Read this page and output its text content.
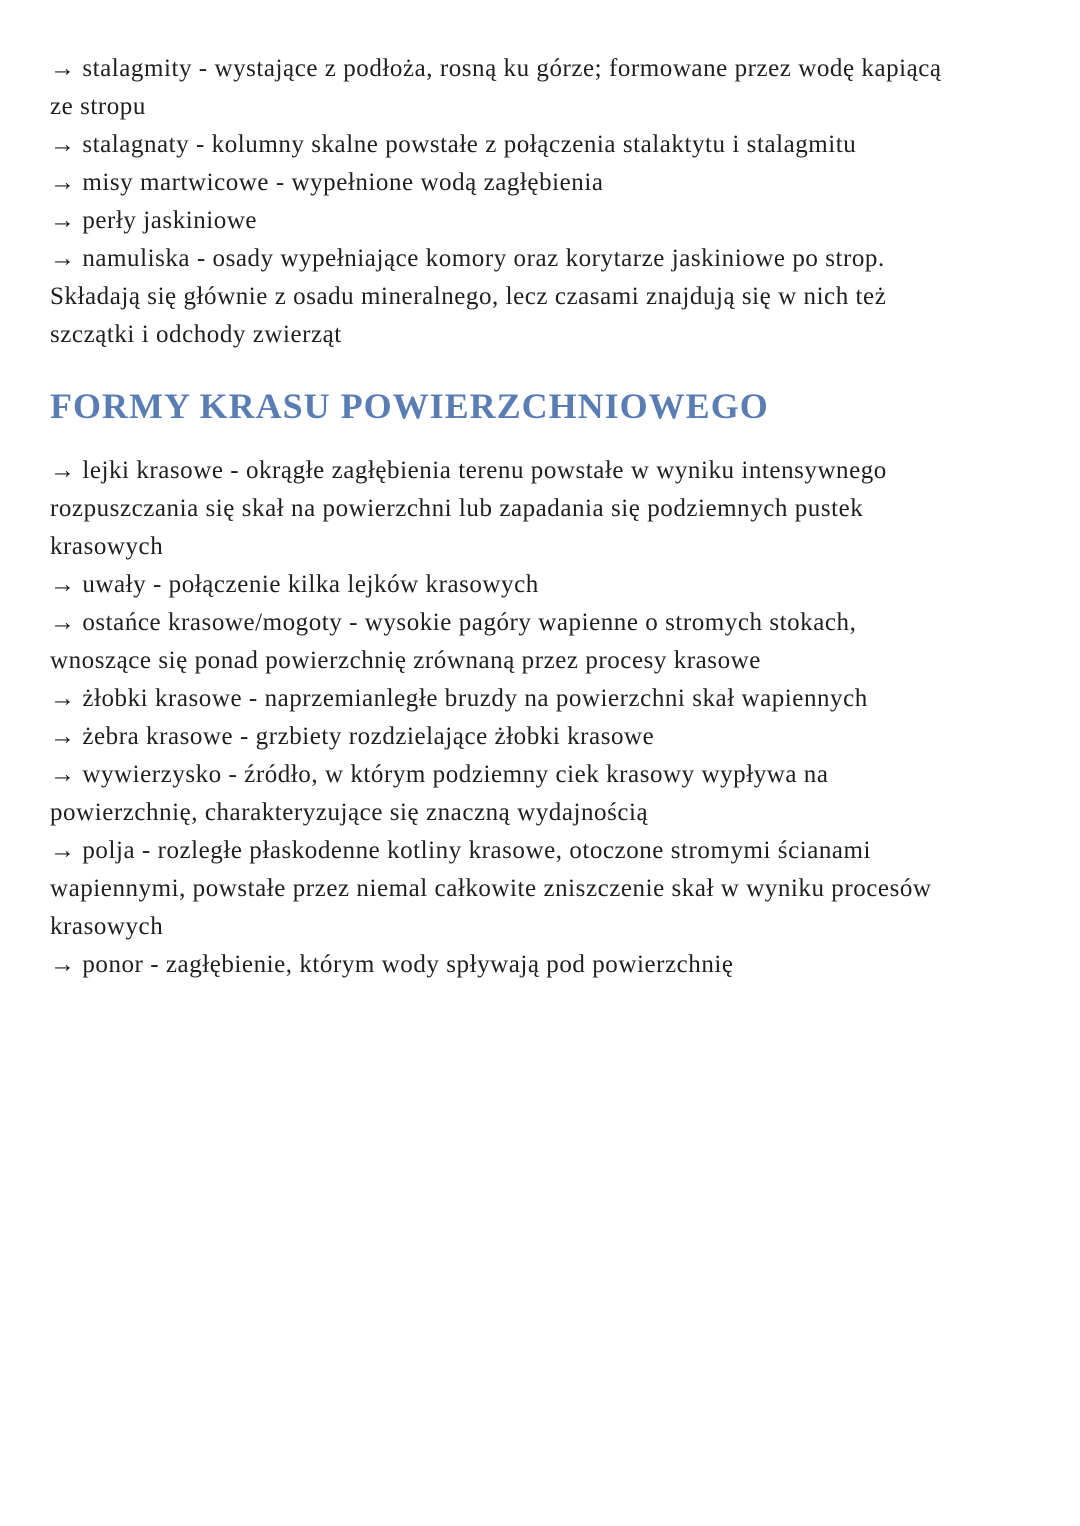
→ stalagmity - wystające z podłoża, rosną ku górze; formowane przez wodę kapiącą
ze stropu
→ stalagnaty - kolumny skalne powstałe z połączenia stalaktytu i stalagmitu
→ misy martwicowe - wypełnione wodą zagłębienia
→ perły jaskiniowe
→ namuliska - osady wypełniające komory oraz korytarze jaskiniowe po strop.
Składają się głównie z osadu mineralnego, lecz czasami znajdują się w nich też
szczątki i odchody zwierząt
FORMY KRASU POWIERZCHNIOWEGO
→ lejki krasowe - okrągłe zagłębienia terenu powstałe w wyniku intensywnego
rozpuszczania się skał na powierzchni lub zapadania się podziemnych pustek
krasowych
→ uwały - połączenie kilka lejków krasowych
→ ostańce krasowe/mogoty - wysokie pagóry wapienne o stromych stokach,
wnoszące się ponad powierzchnię zrównaną przez procesy krasowe
→ żłobki krasowe - naprzemianległe bruzdy na powierzchni skał wapiennych
→ żebra krasowe - grzbiety rozdzielające żłobki krasowe
→ wywierzysko - źródło, w którym podziemny ciek krasowy wypływa na
powierzchnię, charakteryzujące się znaczną wydajnością
→ polja - rozległe płaskodenne kotliny krasowe, otoczone stromymi ścianami
wapiennymi, powstałe przez niemal całkowite zniszczenie skał w wyniku procesów
krasowych
→ ponor - zagłębienie, którym wody spływają pod powierzchnię
